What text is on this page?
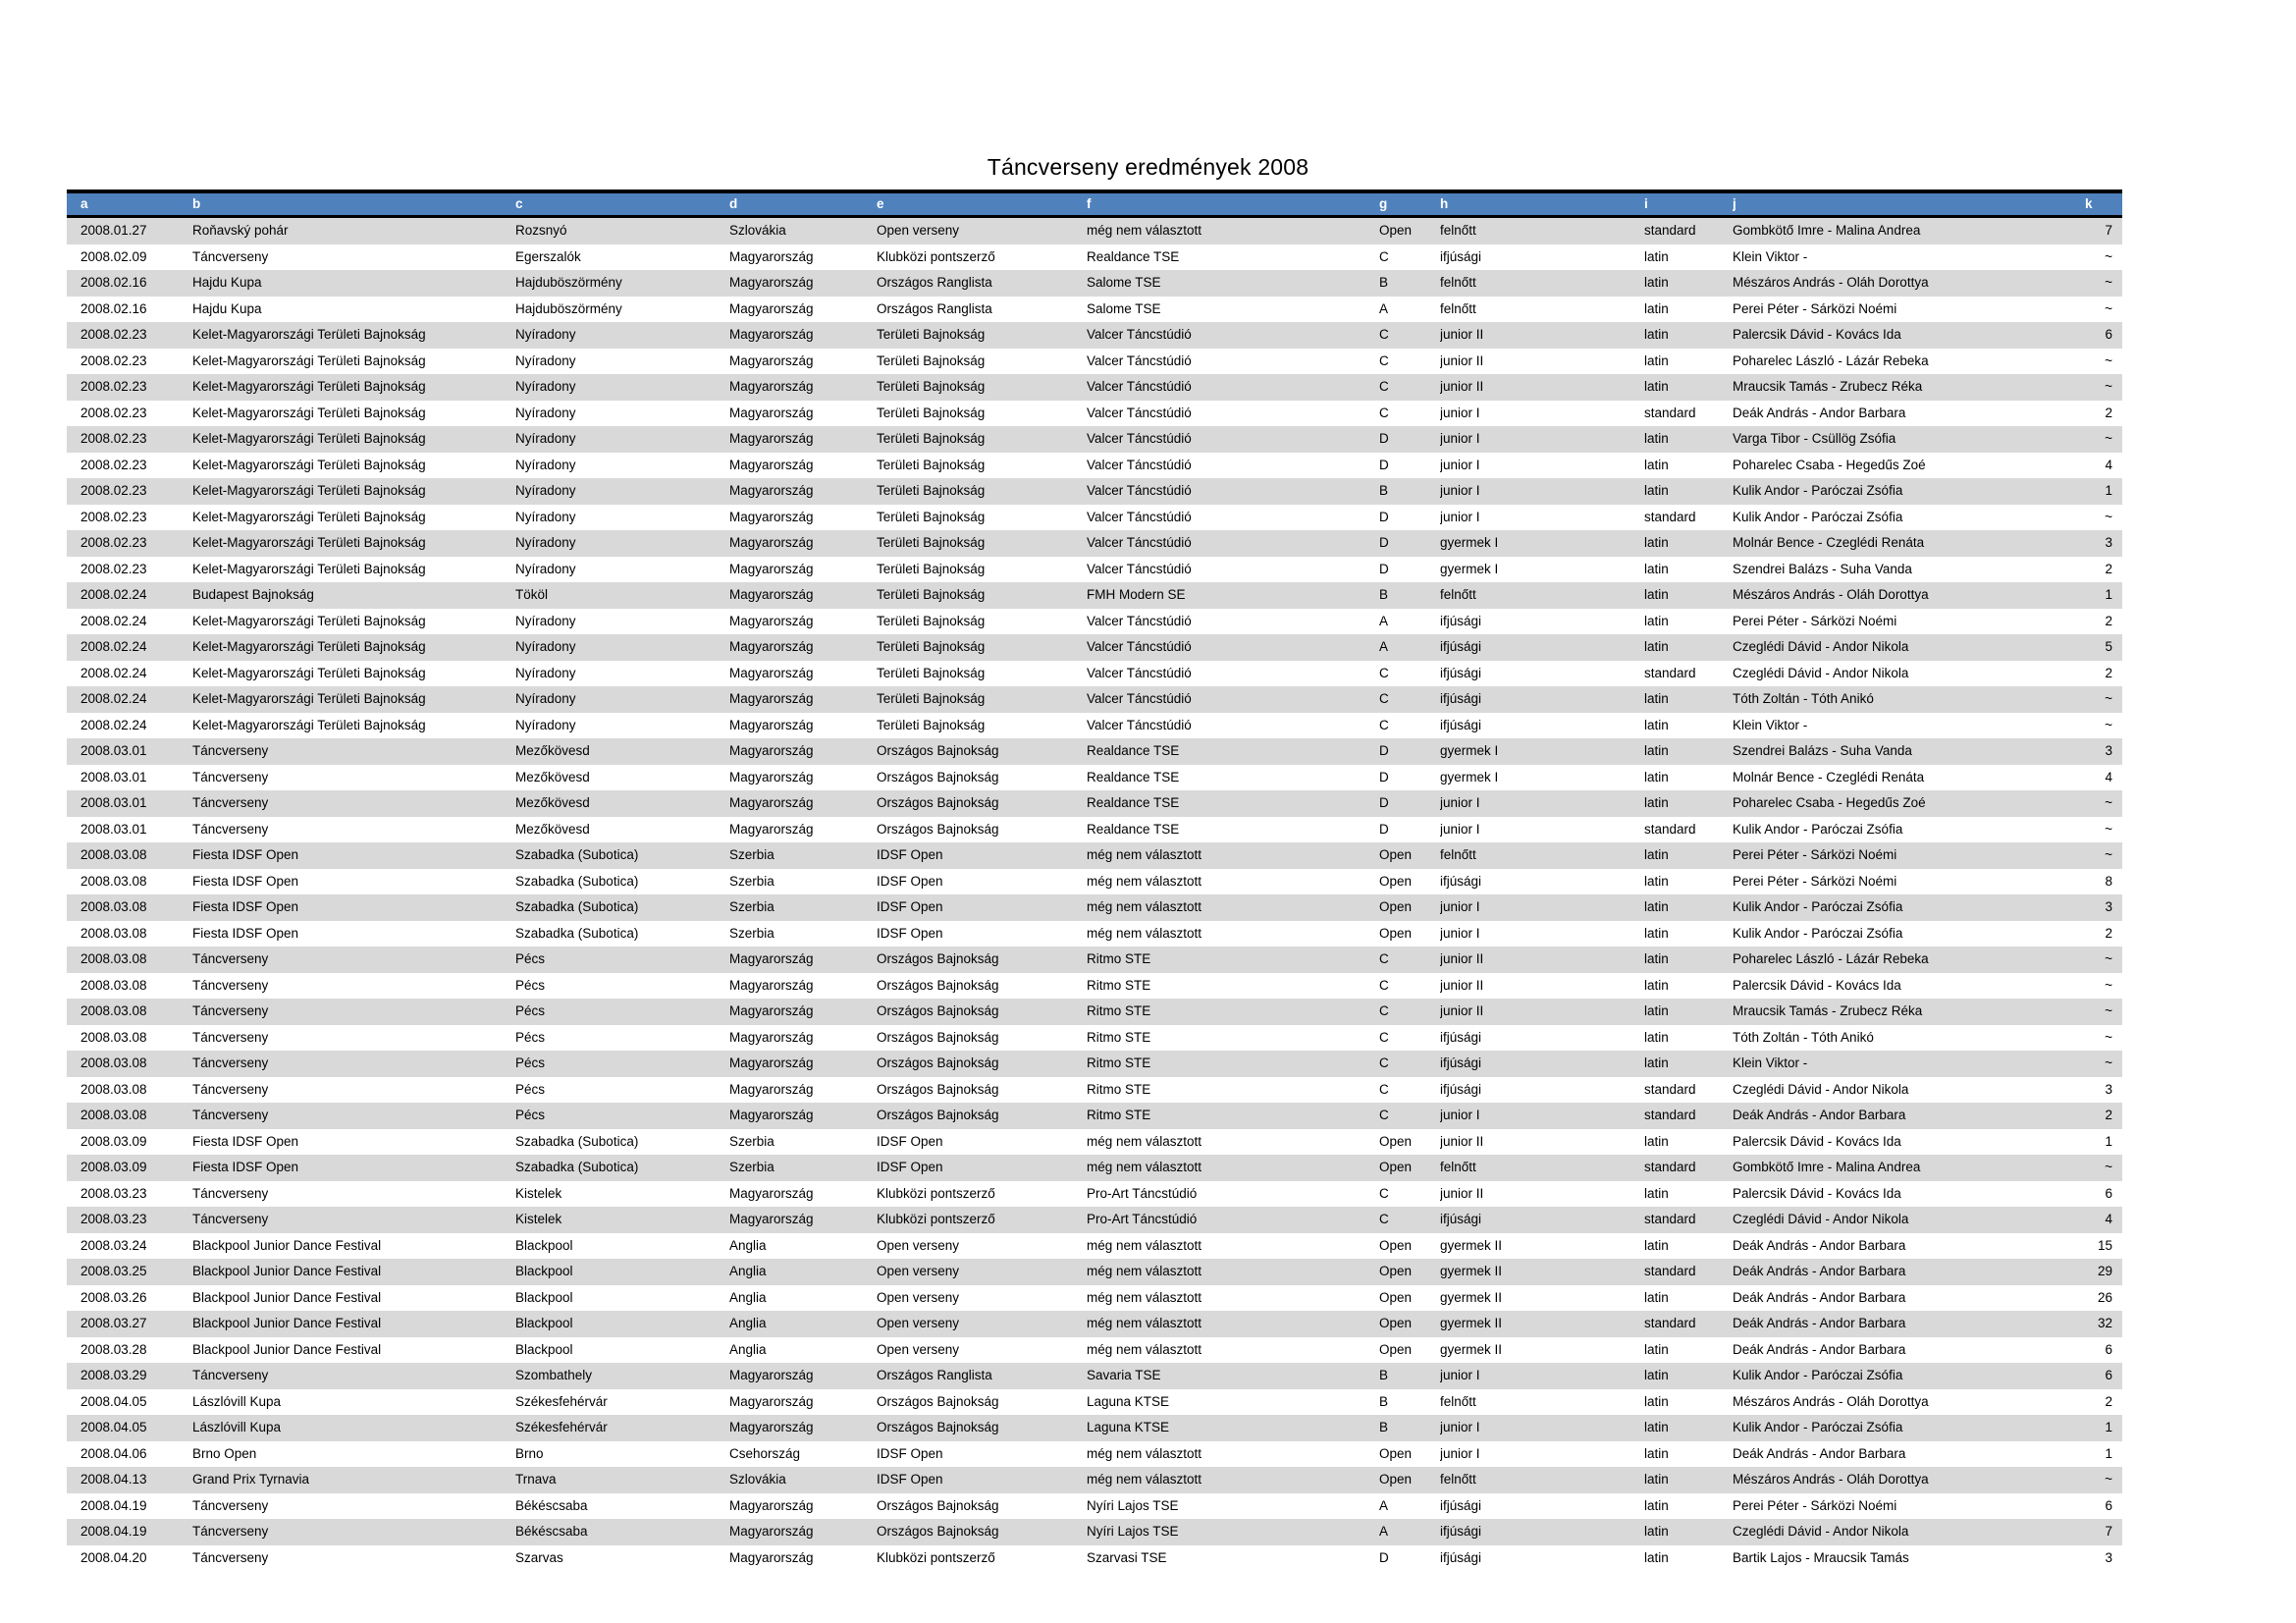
Táncverseny eredmények 2008
a	b	c	d	e	f	g	h	i	j	k
2008.01.27	Roňavský pohár	Rozsnyó	Szlovákia	Open verseny	még nem választott	Open	felnőtt	standard	Gombkötő Imre - Malina Andrea	7
2008.02.09	Táncverseny	Egerszalók	Magyarország	Klubközi pontszerző	Realdance TSE	C	ifjúsági	latin	Klein Viktor -	~
2008.02.16	Hajdu Kupa	Hajduböszörmény	Magyarország	Országos Ranglista	Salome TSE	B	felnőtt	latin	Mészáros András - Oláh Dorottya	~
2008.02.16	Hajdu Kupa	Hajduböszörmény	Magyarország	Országos Ranglista	Salome TSE	A	felnőtt	latin	Perei Péter - Sárközi Noémi	~
2008.02.23	Kelet-Magyarországi Területi Bajnokság	Nyíradony	Magyarország	Területi Bajnokság	Valcer Táncstúdió	C	junior II	latin	Palercsik Dávid - Kovács Ida	6
2008.02.23	Kelet-Magyarországi Területi Bajnokság	Nyíradony	Magyarország	Területi Bajnokság	Valcer Táncstúdió	C	junior II	latin	Poharelec László - Lázár Rebeka	~
2008.02.23	Kelet-Magyarországi Területi Bajnokság	Nyíradony	Magyarország	Területi Bajnokság	Valcer Táncstúdió	C	junior II	latin	Mraucsik Tamás - Zrubecz Réka	~
2008.02.23	Kelet-Magyarországi Területi Bajnokság	Nyíradony	Magyarország	Területi Bajnokság	Valcer Táncstúdió	C	junior I	standard	Deák András - Andor Barbara	2
2008.02.23	Kelet-Magyarországi Területi Bajnokság	Nyíradony	Magyarország	Területi Bajnokság	Valcer Táncstúdió	D	junior I	latin	Varga Tibor - Csüllög Zsófia	~
2008.02.23	Kelet-Magyarországi Területi Bajnokság	Nyíradony	Magyarország	Területi Bajnokság	Valcer Táncstúdió	D	junior I	latin	Poharelec Csaba - Hegedűs Zoé	4
2008.02.23	Kelet-Magyarországi Területi Bajnokság	Nyíradony	Magyarország	Területi Bajnokság	Valcer Táncstúdió	B	junior I	latin	Kulik Andor - Paróczai Zsófia	1
2008.02.23	Kelet-Magyarországi Területi Bajnokság	Nyíradony	Magyarország	Területi Bajnokság	Valcer Táncstúdió	D	junior I	standard	Kulik Andor - Paróczai Zsófia	~
2008.02.23	Kelet-Magyarországi Területi Bajnokság	Nyíradony	Magyarország	Területi Bajnokság	Valcer Táncstúdió	D	gyermek I	latin	Molnár Bence - Czeglédi Renáta	3
2008.02.23	Kelet-Magyarországi Területi Bajnokság	Nyíradony	Magyarország	Területi Bajnokság	Valcer Táncstúdió	D	gyermek I	latin	Szendrei Balázs - Suha Vanda	2
2008.02.24	Budapest Bajnokság	Tököl	Magyarország	Területi Bajnokság	FMH Modern SE	B	felnőtt	latin	Mészáros András - Oláh Dorottya	1
2008.02.24	Kelet-Magyarországi Területi Bajnokság	Nyíradony	Magyarország	Területi Bajnokság	Valcer Táncstúdió	A	ifjúsági	latin	Perei Péter - Sárközi Noémi	2
2008.02.24	Kelet-Magyarországi Területi Bajnokság	Nyíradony	Magyarország	Területi Bajnokság	Valcer Táncstúdió	A	ifjúsági	latin	Czeglédi Dávid - Andor Nikola	5
2008.02.24	Kelet-Magyarországi Területi Bajnokság	Nyíradony	Magyarország	Területi Bajnokság	Valcer Táncstúdió	C	ifjúsági	standard	Czeglédi Dávid - Andor Nikola	2
2008.02.24	Kelet-Magyarországi Területi Bajnokság	Nyíradony	Magyarország	Területi Bajnokság	Valcer Táncstúdió	C	ifjúsági	latin	Tóth Zoltán - Tóth Anikó	~
2008.02.24	Kelet-Magyarországi Területi Bajnokság	Nyíradony	Magyarország	Területi Bajnokság	Valcer Táncstúdió	C	ifjúsági	latin	Klein Viktor -	~
2008.03.01	Táncverseny	Mezőkövesd	Magyarország	Országos Bajnokság	Realdance TSE	D	gyermek I	latin	Szendrei Balázs - Suha Vanda	3
2008.03.01	Táncverseny	Mezőkövesd	Magyarország	Országos Bajnokság	Realdance TSE	D	gyermek I	latin	Molnár Bence - Czeglédi Renáta	4
2008.03.01	Táncverseny	Mezőkövesd	Magyarország	Országos Bajnokság	Realdance TSE	D	junior I	latin	Poharelec Csaba - Hegedűs Zoé	~
2008.03.01	Táncverseny	Mezőkövesd	Magyarország	Országos Bajnokság	Realdance TSE	D	junior I	standard	Kulik Andor - Paróczai Zsófia	~
2008.03.08	Fiesta IDSF Open	Szabadka (Subotica)	Szerbia	IDSF Open	még nem választott	Open	felnőtt	latin	Perei Péter - Sárközi Noémi	~
2008.03.08	Fiesta IDSF Open	Szabadka (Subotica)	Szerbia	IDSF Open	még nem választott	Open	ifjúsági	latin	Perei Péter - Sárközi Noémi	8
2008.03.08	Fiesta IDSF Open	Szabadka (Subotica)	Szerbia	IDSF Open	még nem választott	Open	junior I	latin	Kulik Andor - Paróczai Zsófia	3
2008.03.08	Fiesta IDSF Open	Szabadka (Subotica)	Szerbia	IDSF Open	még nem választott	Open	junior I	latin	Kulik Andor - Paróczai Zsófia	2
2008.03.08	Táncverseny	Pécs	Magyarország	Országos Bajnokság	Ritmo STE	C	junior II	latin	Poharelec László - Lázár Rebeka	~
2008.03.08	Táncverseny	Pécs	Magyarország	Országos Bajnokság	Ritmo STE	C	junior II	latin	Palercsik Dávid - Kovács Ida	~
2008.03.08	Táncverseny	Pécs	Magyarország	Országos Bajnokság	Ritmo STE	C	junior II	latin	Mraucsik Tamás - Zrubecz Réka	~
2008.03.08	Táncverseny	Pécs	Magyarország	Országos Bajnokság	Ritmo STE	C	ifjúsági	latin	Tóth Zoltán - Tóth Anikó	~
2008.03.08	Táncverseny	Pécs	Magyarország	Országos Bajnokság	Ritmo STE	C	ifjúsági	latin	Klein Viktor -	~
2008.03.08	Táncverseny	Pécs	Magyarország	Országos Bajnokság	Ritmo STE	C	ifjúsági	standard	Czeglédi Dávid - Andor Nikola	3
2008.03.08	Táncverseny	Pécs	Magyarország	Országos Bajnokság	Ritmo STE	C	junior I	standard	Deák András - Andor Barbara	2
2008.03.09	Fiesta IDSF Open	Szabadka (Subotica)	Szerbia	IDSF Open	még nem választott	Open	junior II	latin	Palercsik Dávid - Kovács Ida	1
2008.03.09	Fiesta IDSF Open	Szabadka (Subotica)	Szerbia	IDSF Open	még nem választott	Open	felnőtt	standard	Gombkötő Imre - Malina Andrea	~
2008.03.23	Táncverseny	Kistelek	Magyarország	Klubközi pontszerző	Pro-Art Táncstúdió	C	junior II	latin	Palercsik Dávid - Kovács Ida	6
2008.03.23	Táncverseny	Kistelek	Magyarország	Klubközi pontszerző	Pro-Art Táncstúdió	C	ifjúsági	standard	Czeglédi Dávid - Andor Nikola	4
2008.03.24	Blackpool Junior Dance Festival	Blackpool	Anglia	Open verseny	még nem választott	Open	gyermek II	latin	Deák András - Andor Barbara	15
2008.03.25	Blackpool Junior Dance Festival	Blackpool	Anglia	Open verseny	még nem választott	Open	gyermek II	standard	Deák András - Andor Barbara	29
2008.03.26	Blackpool Junior Dance Festival	Blackpool	Anglia	Open verseny	még nem választott	Open	gyermek II	latin	Deák András - Andor Barbara	26
2008.03.27	Blackpool Junior Dance Festival	Blackpool	Anglia	Open verseny	még nem választott	Open	gyermek II	standard	Deák András - Andor Barbara	32
2008.03.28	Blackpool Junior Dance Festival	Blackpool	Anglia	Open verseny	még nem választott	Open	gyermek II	latin	Deák András - Andor Barbara	6
2008.03.29	Táncverseny	Szombathely	Magyarország	Országos Ranglista	Savaria TSE	B	junior I	latin	Kulik Andor - Paróczai Zsófia	6
2008.04.05	Lászlóvill Kupa	Székesfehérvár	Magyarország	Országos Bajnokság	Laguna KTSE	B	felnőtt	latin	Mészáros András - Oláh Dorottya	2
2008.04.05	Lászlóvill Kupa	Székesfehérvár	Magyarország	Országos Bajnokság	Laguna KTSE	B	junior I	latin	Kulik Andor - Paróczai Zsófia	1
2008.04.06	Brno Open	Brno	Csehország	IDSF Open	még nem választott	Open	junior I	latin	Deák András - Andor Barbara	1
2008.04.13	Grand Prix Tyrnavia	Trnava	Szlovákia	IDSF Open	még nem választott	Open	felnőtt	latin	Mészáros András - Oláh Dorottya	~
2008.04.19	Táncverseny	Békéscsaba	Magyarország	Országos Bajnokság	Nyíri Lajos TSE	A	ifjúsági	latin	Perei Péter - Sárközi Noémi	6
2008.04.19	Táncverseny	Békéscsaba	Magyarország	Országos Bajnokság	Nyíri Lajos TSE	A	ifjúsági	latin	Czeglédi Dávid - Andor Nikola	7
2008.04.20	Táncverseny	Szarvas	Magyarország	Klubközi pontszerző	Szarvasi TSE	D	ifjúsági	latin	Bartik Lajos - Mraucsik Tamás	3
